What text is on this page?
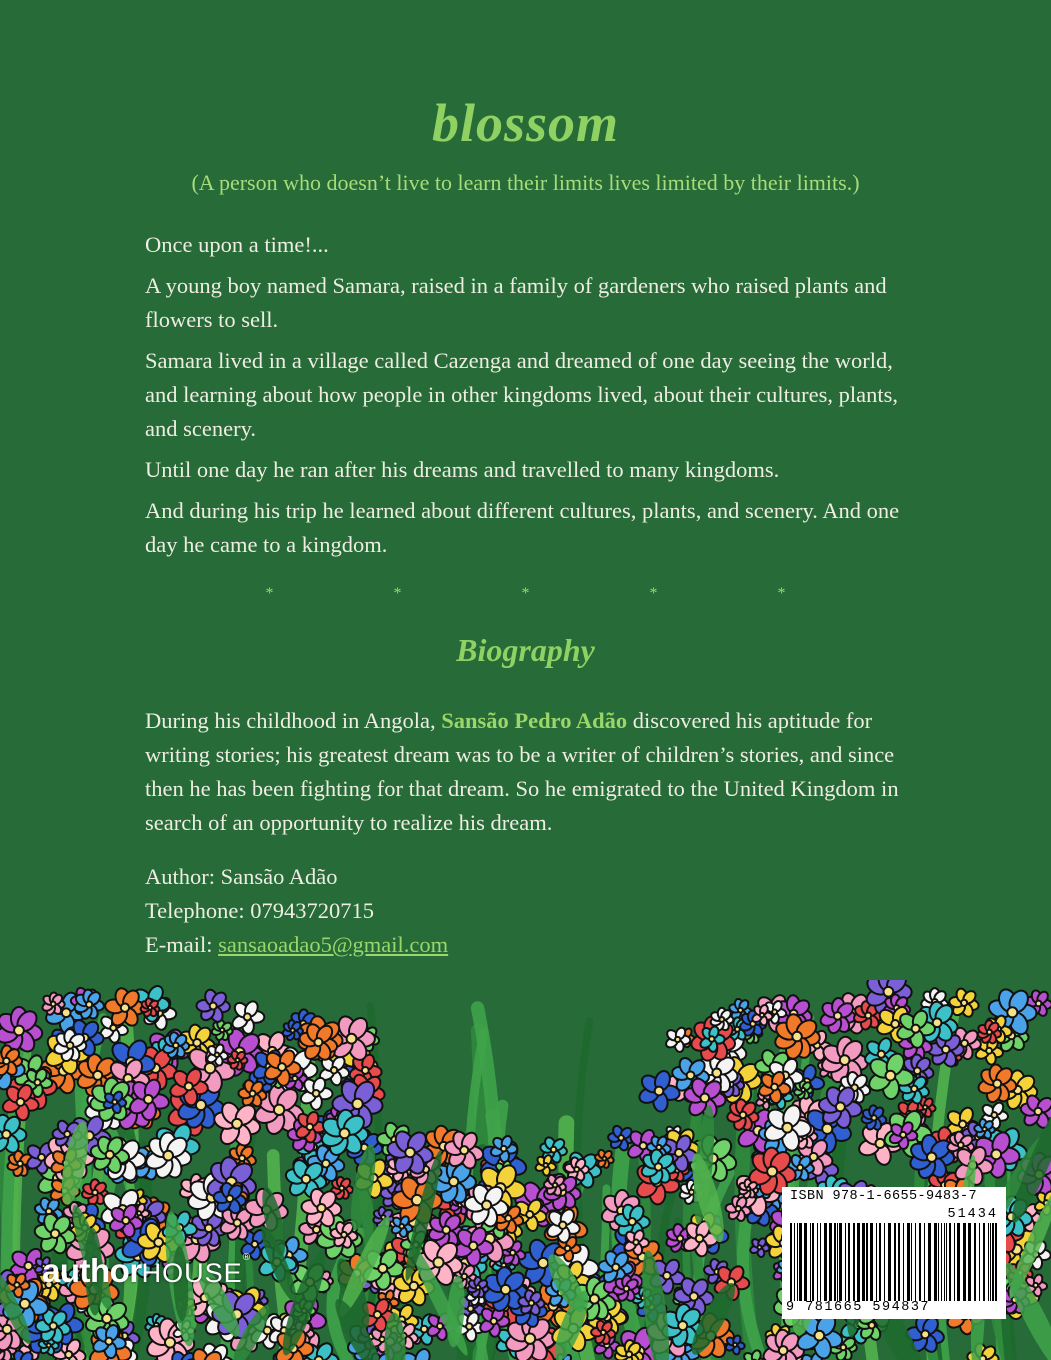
blossom
(A person who doesn’t live to learn their limits lives limited by their limits.)

Once upon a time!...

A young boy named Samara, raised in a family of gardeners who raised plants and flowers to sell.

Samara lived in a village called Cazenga and dreamed of one day seeing the world, and learning about how people in other kingdoms lived, about their cultures, plants, and scenery.

Until one day he ran after his dreams and travelled to many kingdoms.

And during his trip he learned about different cultures, plants, and scenery. And one day he came to a kingdom.

* * * * *
Biography
During his childhood in Angola, Sansão Pedro Adão discovered his aptitude for writing stories; his greatest dream was to be a writer of children’s stories, and since then he has been fighting for that dream. So he emigrated to the United Kingdom in search of an opportunity to realize his dream.
Author: Sansão Adão
Telephone: 07943720715
E-mail: sansaoadao5@gmail.com
authorHOUSE®
ISBN 978-1-6655-9483-7
51434
9 781665 594837
